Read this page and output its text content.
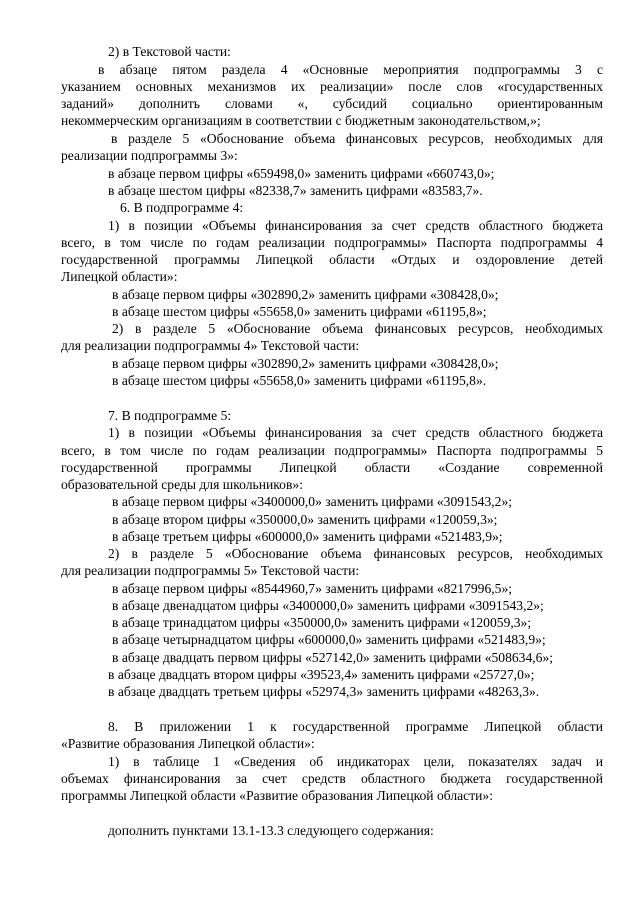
2) в Текстовой части:
в абзаце пятом раздела 4 «Основные мероприятия подпрограммы 3 с
указанием основных механизмов их реализации» после слов «государственных
заданий» дополнить словами «, субсидий социально ориентированным
некоммерческим организациям в соответствии с бюджетным законодательством,»;
в разделе 5 «Обоснование объема финансовых ресурсов, необходимых для
реализации подпрограммы 3»:
в абзаце первом цифры «659498,0» заменить цифрами «660743,0»;
в абзаце шестом цифры «82338,7» заменить цифрами «83583,7».
6. В подпрограмме 4:
1) в позиции «Объемы финансирования за счет средств областного бюджета
всего, в том числе по годам реализации подпрограммы» Паспорта подпрограммы 4
государственной программы Липецкой области «Отдых и оздоровление детей
Липецкой области»:
в абзаце первом цифры «302890,2» заменить цифрами «308428,0»;
в абзаце шестом цифры «55658,0» заменить цифрами «61195,8»;
2) в разделе 5 «Обоснование объема финансовых ресурсов, необходимых
для реализации подпрограммы 4» Текстовой части:
в абзаце первом цифры «302890,2» заменить цифрами «308428,0»;
в абзаце шестом цифры «55658,0» заменить цифрами «61195,8».
7. В подпрограмме 5:
1) в позиции «Объемы финансирования за счет средств областного бюджета
всего, в том числе по годам реализации подпрограммы» Паспорта подпрограммы 5
государственной программы Липецкой области «Создание современной
образовательной среды для школьников»:
в абзаце первом цифры «3400000,0» заменить цифрами «3091543,2»;
в абзаце втором цифры «350000,0» заменить цифрами «120059,3»;
в абзаце третьем цифры «600000,0» заменить цифрами «521483,9»;
2) в разделе 5 «Обоснование объема финансовых ресурсов, необходимых
для реализации подпрограммы 5» Текстовой части:
в абзаце первом цифры «8544960,7» заменить цифрами «8217996,5»;
в абзаце двенадцатом цифры «3400000,0» заменить цифрами «3091543,2»;
в абзаце тринадцатом цифры «350000,0» заменить цифрами «120059,3»;
в абзаце четырнадцатом цифры «600000,0» заменить цифрами «521483,9»;
в абзаце двадцать первом цифры «527142,0» заменить цифрами «508634,6»;
в абзаце двадцать втором цифры «39523,4» заменить цифрами «25727,0»;
в абзаце двадцать третьем цифры «52974,3» заменить цифрами «48263,3».
8. В приложении 1 к государственной программе Липецкой области
«Развитие образования Липецкой области»:
1) в таблице 1 «Сведения об индикаторах цели, показателях задач и
объемах финансирования за счет средств областного бюджета государственной
программы Липецкой области «Развитие образования Липецкой области»:
дополнить пунктами 13.1-13.3 следующего содержания:
